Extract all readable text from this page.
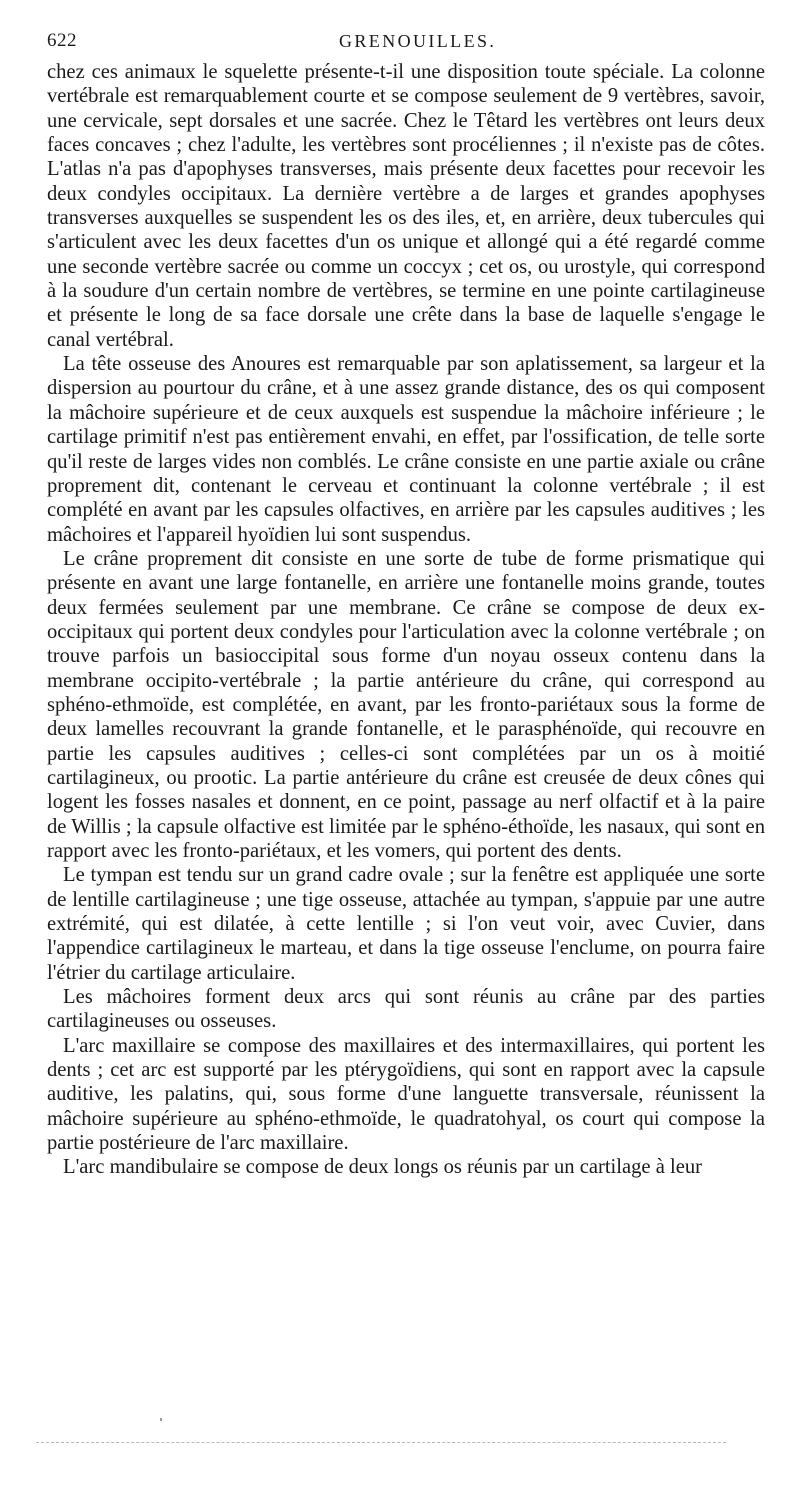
622	GRENOUILLES.

chez ces animaux le squelette présente-t-il une disposition toute spéciale. La colonne vertébrale est remarquablement courte et se compose seulement de 9 vertèbres, savoir, une cervicale, sept dorsales et une sacrée. Chez le Têtard les vertèbres ont leurs deux faces concaves ; chez l'adulte, les vertèbres sont procéliennes ; il n'existe pas de côtes. L'atlas n'a pas d'apophyses transverses, mais présente deux facettes pour recevoir les deux condyles occipitaux. La dernière vertèbre a de larges et grandes apophyses transverses auxquelles se suspendent les os des iles, et, en arrière, deux tubercules qui s'articulent avec les deux facettes d'un os unique et allongé qui a été regardé comme une seconde vertèbre sacrée ou comme un coccyx ; cet os, ou urostyle, qui correspond à la soudure d'un certain nombre de vertèbres, se termine en une pointe cartilagineuse et présente le long de sa face dorsale une crête dans la base de laquelle s'engage le canal vertébral.

La tête osseuse des Anoures est remarquable par son aplatissement, sa largeur et la dispersion au pourtour du crâne, et à une assez grande distance, des os qui composent la mâchoire supérieure et de ceux auxquels est suspendue la mâchoire inférieure ; le cartilage primitif n'est pas entièrement envahi, en effet, par l'ossification, de telle sorte qu'il reste de larges vides non comblés. Le crâne consiste en une partie axiale ou crâne proprement dit, contenant le cerveau et continuant la colonne vertébrale ; il est complété en avant par les capsules olfactives, en arrière par les capsules auditives ; les mâchoires et l'appareil hyoïdien lui sont suspendus.

Le crâne proprement dit consiste en une sorte de tube de forme prismatique qui présente en avant une large fontanelle, en arrière une fontanelle moins grande, toutes deux fermées seulement par une membrane. Ce crâne se compose de deux ex-occipitaux qui portent deux condyles pour l'articulation avec la colonne vertébrale ; on trouve parfois un basioccipital sous forme d'un noyau osseux contenu dans la membrane occipito-vertébrale ; la partie antérieure du crâne, qui correspond au sphéno-ethmoïde, est complétée, en avant, par les fronto-pariétaux sous la forme de deux lamelles recouvrant la grande fontanelle, et le parasphénoïde, qui recouvre en partie les capsules auditives ; celles-ci sont complétées par un os à moitié cartilagineux, ou prootic. La partie antérieure du crâne est creusée de deux cônes qui logent les fosses nasales et donnent, en ce point, passage au nerf olfactif et à la paire de Willis ; la capsule olfactive est limitée par le sphéno-éthoïde, les nasaux, qui sont en rapport avec les fronto-pariétaux, et les vomers, qui portent des dents.

Le tympan est tendu sur un grand cadre ovale ; sur la fenêtre est appliquée une sorte de lentille cartilagineuse ; une tige osseuse, attachée au tympan, s'appuie par une autre extrémité, qui est dilatée, à cette lentille ; si l'on veut voir, avec Cuvier, dans l'appendice cartilagineux le marteau, et dans la tige osseuse l'enclume, on pourra faire l'étrier du cartilage articulaire.

Les mâchoires forment deux arcs qui sont réunis au crâne par des parties cartilagineuses ou osseuses.

L'arc maxillaire se compose des maxillaires et des intermaxillaires, qui portent les dents ; cet arc est supporté par les ptérygoïdiens, qui sont en rapport avec la capsule auditive, les palatins, qui, sous forme d'une languette transversale, réunissent la mâchoire supérieure au sphéno-ethmoïde, le quadratohyal, os court qui compose la partie postérieure de l'arc maxillaire.

L'arc mandibulaire se compose de deux longs os réunis par un cartilage à leur
